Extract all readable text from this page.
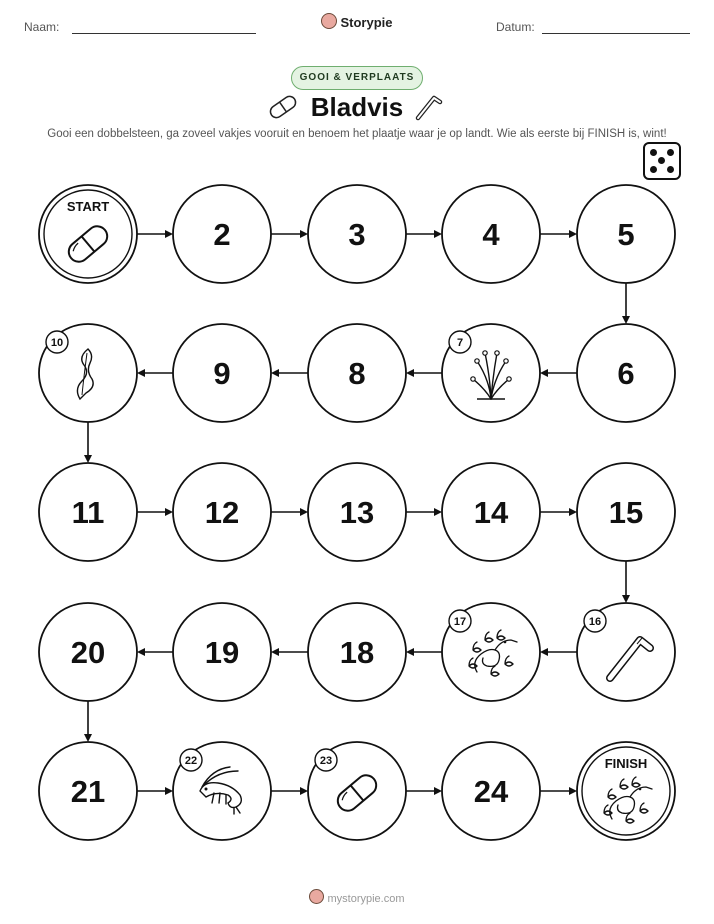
Naam:	Storypie	Datum:
GOOI & VERPLAATS
Bladvis
Gooi een dobbelsteen, ga zoveel vakjes vooruit en benoem het plaatje waar je op landt. Wie als eerste bij FINISH is, wint!
START
2	3	4	5
6
7
8
9
10
11	12	13	14	15
16
17
18
19
20
21
22	23
24
FINISH
mystorypie.com
